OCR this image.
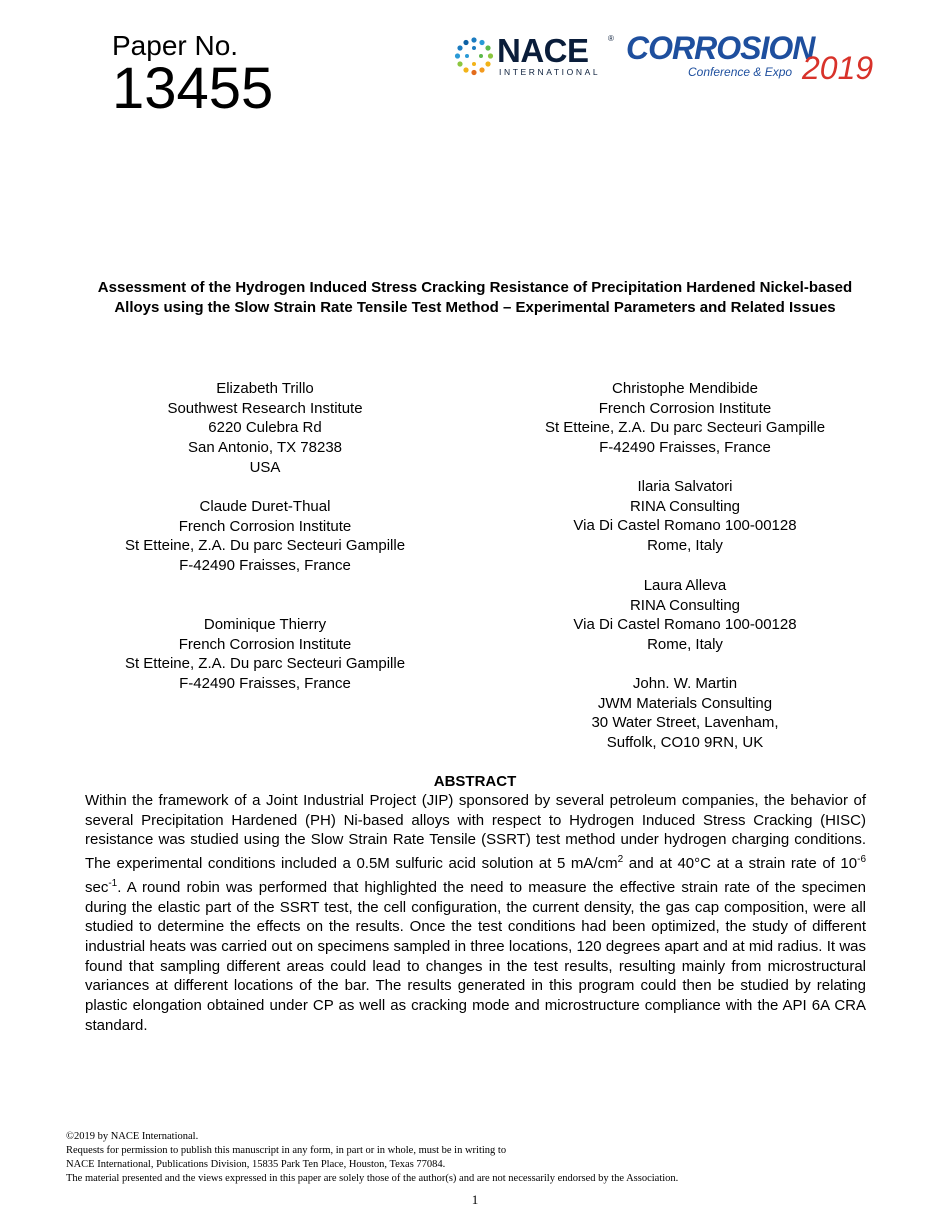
Paper No.
13455
NACE ®
INTERNATIONAL
CORROSION
Conference & Expo 2019
Assessment of the Hydrogen Induced Stress Cracking Resistance of Precipitation Hardened Nickel-based Alloys using the Slow Strain Rate Tensile Test Method – Experimental Parameters and Related Issues
Elizabeth Trillo
Southwest Research Institute
6220 Culebra Rd
San Antonio, TX 78238
USA
Claude Duret-Thual
French Corrosion Institute
St Etteine, Z.A. Du parc Secteuri Gampille
F-42490 Fraisses, France
Dominique Thierry
French Corrosion Institute
St Etteine, Z.A. Du parc Secteuri Gampille
F-42490 Fraisses, France
Christophe Mendibide
French Corrosion Institute
St Etteine, Z.A. Du parc Secteuri Gampille
F-42490 Fraisses, France
Ilaria Salvatori
RINA Consulting
Via Di Castel Romano 100-00128
Rome, Italy
Laura Alleva
RINA Consulting
Via Di Castel Romano 100-00128
Rome, Italy
John. W. Martin
JWM Materials Consulting
30 Water Street, Lavenham,
Suffolk, CO10 9RN, UK
ABSTRACT
Within the framework of a Joint Industrial Project (JIP) sponsored by several petroleum companies, the behavior of several Precipitation Hardened (PH) Ni-based alloys with respect to Hydrogen Induced Stress Cracking (HISC) resistance was studied using the Slow Strain Rate Tensile (SSRT) test method under hydrogen charging conditions. The experimental conditions included a 0.5M sulfuric acid solution at 5 $mA/cm^2$ and at 40°C at a strain rate of $10^{-6}$ $\sec^{-1}$. A round robin was performed that highlighted the need to measure the effective strain rate of the specimen during the elastic part of the SSRT test, the cell configuration, the current density, the gas cap composition, were all studied to determine the effects on the results. Once the test conditions had been optimized, the study of different industrial heats was carried out on specimens sampled in three locations, 120 degrees apart and at mid radius. It was found that sampling different areas could lead to changes in the test results, resulting mainly from microstructural variances at different locations of the bar. The results generated in this program could then be studied by relating plastic elongation obtained under CP as well as cracking mode and microstructure compliance with the API 6A CRA standard.
©2019 by NACE International.
Requests for permission to publish this manuscript in any form, in part or in whole, must be in writing to
NACE International, Publications Division, 15835 Park Ten Place, Houston, Texas 77084.
The material presented and the views expressed in this paper are solely those of the author(s) and are not necessarily endorsed by the Association.
1
